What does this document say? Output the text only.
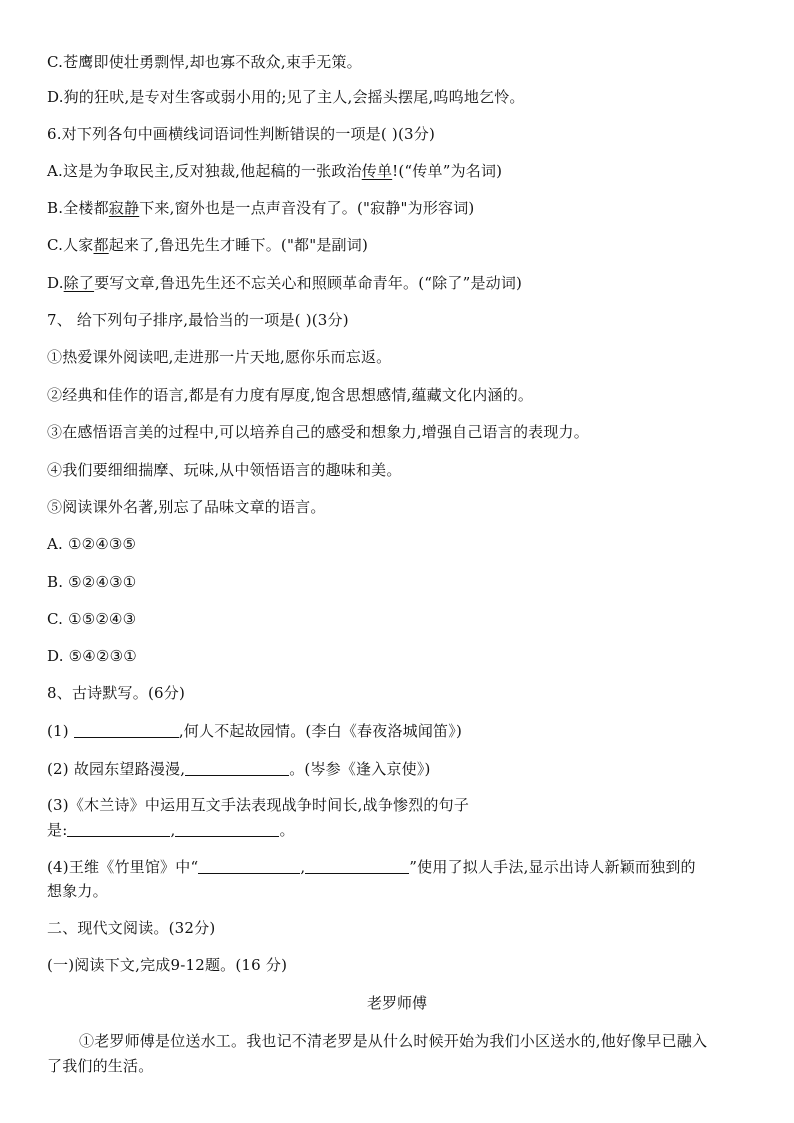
C.苍鹰即使壮勇剽悍,却也寡不敌众,束手无策。
D.狗的狂吠,是专对生客或弱小用的;见了主人,会摇头摆尾,呜呜地乞怜。
6.对下列各句中画横线词语词性判断错误的一项是( )(3分)
A.这是为争取民主,反对独裁,他起稿的一张政治传单!(“传单”为名词)
B.全楼都寂静下来,窗外也是一点声音没有了。("寂静"为形容词)
C.人家都起来了,鲁迅先生才睡下。("都"是副词)
D.除了要写文章,鲁迅先生还不忘关心和照顾革命青年。(“除了”是动词)
7、 给下列句子排序,最恰当的一项是( )(3分)
①热爱课外阅读吧,走进那一片天地,愿你乐而忘返。
②经典和佳作的语言,都是有力度有厚度,饱含思想感情,蕴藏文化内涵的。
③在感悟语言美的过程中,可以培养自己的感受和想象力,增强自己语言的表现力。
④我们要细细揣摩、玩味,从中领悟语言的趣味和美。
⑤阅读课外名著,别忘了品味文章的语言。
A. ①②④③⑤
B. ⑤②④③①
C. ①⑤②④③
D. ⑤④②③①
8、古诗默写。(6分)
(1)	,何人不起故园情。(李白《春夜洛城闻笛》)
(2) 故园东望路漫漫,	。(岑参《逢入京使》)
(3)《木兰诗》中运用互文手法表现战争时间长,战争惨烈的句子
是:	,	。
(4)王维《竹里馆》中“	,	”使用了拟人手法,显示出诗人新颖而独到的
想象力。
二、现代文阅读。(32分)
(一)阅读下文,完成9-12题。(16 分)
老罗师傅
①老罗师傅是位送水工。我也记不清老罗是从什么时候开始为我们小区送水的,他好像早已融入
了我们的生活。
